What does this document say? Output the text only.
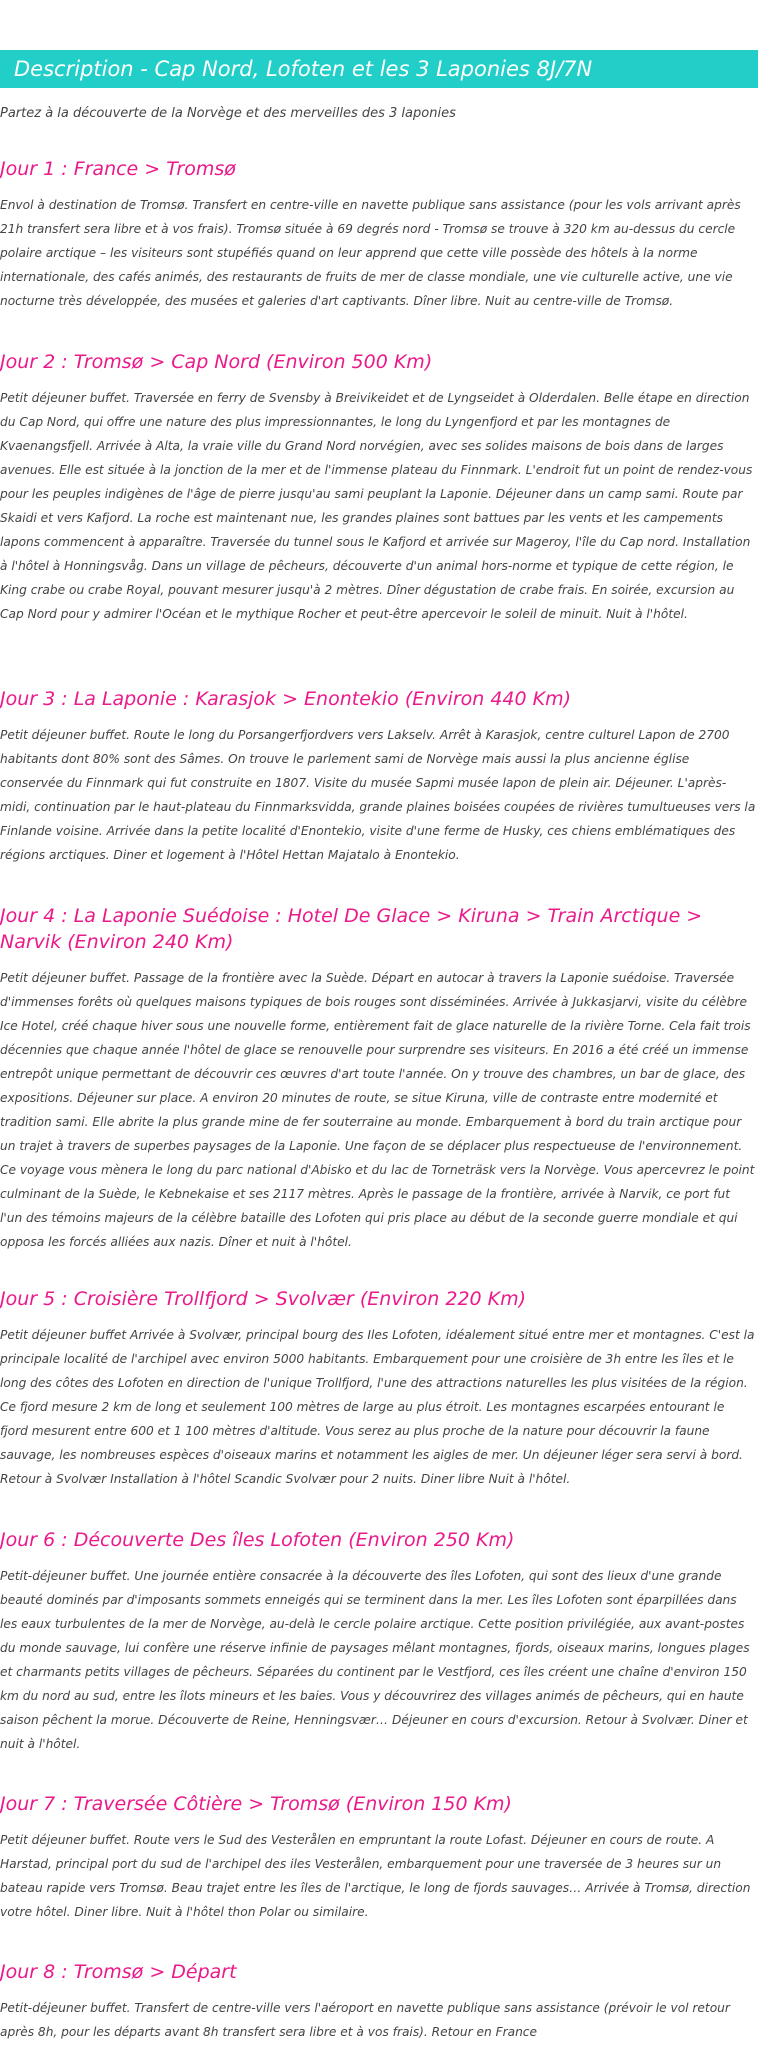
Description - Cap Nord, Lofoten et les 3 Laponies 8J/7N

Partez à la découverte de la Norvège et des merveilles des 3 laponies

Jour 1 : France > Tromsø

Envol à destination de Tromsø. Transfert en centre-ville en navette publique sans assistance (pour les vols arrivant après 21h transfert sera libre et à vos frais). Tromsø située à 69 degrés nord - Tromsø se trouve à 320 km au-dessus du cercle polaire arctique – les visiteurs sont stupéfiés quand on leur apprend que cette ville possède des hôtels à la norme internationale, des cafés animés, des restaurants de fruits de mer de classe mondiale, une vie culturelle active, une vie nocturne très développée, des musées et galeries d'art captivants. Dîner libre. Nuit au centre-ville de Tromsø.

Jour 2 : Tromsø > Cap Nord (Environ 500 Km)

Petit déjeuner buffet. Traversée en ferry de Svensby à Breivikeidet et de Lyngseidet à Olderdalen. Belle étape en direction du Cap Nord, qui offre une nature des plus impressionnantes, le long du Lyngenfjord et par les montagnes de Kvaenangsfjell. Arrivée à Alta, la vraie ville du Grand Nord norvégien, avec ses solides maisons de bois dans de larges avenues. Elle est située à la jonction de la mer et de l'immense plateau du Finnmark. L'endroit fut un point de rendez-vous pour les peuples indigènes de l'âge de pierre jusqu'au sami peuplant la Laponie. Déjeuner dans un camp sami. Route par Skaidi et vers Kafjord. La roche est maintenant nue, les grandes plaines sont battues par les vents et les campements lapons commencent à apparaître. Traversée du tunnel sous le Kafjord et arrivée sur Mageroy, l'île du Cap nord. Installation à l'hôtel à Honningsvåg. Dans un village de pêcheurs, découverte d'un animal hors-norme et typique de cette région, le King crabe ou crabe Royal, pouvant mesurer jusqu'à 2 mètres. Dîner dégustation de crabe frais. En soirée, excursion au Cap Nord pour y admirer l'Océan et le mythique Rocher et peut-être apercevoir le soleil de minuit. Nuit à l'hôtel.

Jour 3 : La Laponie : Karasjok > Enontekio (Environ 440 Km)

Petit déjeuner buffet. Route le long du Porsangerfjordvers vers Lakselv. Arrêt à Karasjok, centre culturel Lapon de 2700 habitants dont 80% sont des Sâmes. On trouve le parlement sami de Norvège mais aussi la plus ancienne église conservée du Finnmark qui fut construite en 1807. Visite du musée Sapmi musée lapon de plein air. Déjeuner. L'après-midi, continuation par le haut-plateau du Finnmarksvidda, grande plaines boisées coupées de rivières tumultueuses vers la Finlande voisine. Arrivée dans la petite localité d'Enontekio, visite d'une ferme de Husky, ces chiens emblématiques des régions arctiques. Diner et logement à l'Hôtel Hettan Majatalo à Enontekio.

Jour 4 : La Laponie Suédoise : Hotel De Glace > Kiruna > Train Arctique > Narvik (Environ 240 Km)

Petit déjeuner buffet. Passage de la frontière avec la Suède. Départ en autocar à travers la Laponie suédoise. Traversée d'immenses forêts où quelques maisons typiques de bois rouges sont disséminées. Arrivée à Jukkasjarvi, visite du célèbre Ice Hotel, créé chaque hiver sous une nouvelle forme, entièrement fait de glace naturelle de la rivière Torne. Cela fait trois décennies que chaque année l'hôtel de glace se renouvelle pour surprendre ses visiteurs. En 2016 a été créé un immense entrepôt unique permettant de découvrir ces œuvres d'art toute l'année. On y trouve des chambres, un bar de glace, des expositions. Déjeuner sur place. A environ 20 minutes de route, se situe Kiruna, ville de contraste entre modernité et tradition sami. Elle abrite la plus grande mine de fer souterraine au monde. Embarquement à bord du train arctique pour un trajet à travers de superbes paysages de la Laponie. Une façon de se déplacer plus respectueuse de l'environnement. Ce voyage vous mènera le long du parc national d'Abisko et du lac de Torneträsk vers la Norvège. Vous apercevrez le point culminant de la Suède, le Kebnekaise et ses 2117 mètres. Après le passage de la frontière, arrivée à Narvik, ce port fut l'un des témoins majeurs de la célèbre bataille des Lofoten qui pris place au début de la seconde guerre mondiale et qui opposa les forcés alliées aux nazis. Dîner et nuit à l'hôtel.

Jour 5 : Croisière Trollfjord > Svolvær (Environ 220 Km)

Petit déjeuner buffet Arrivée à Svolvær, principal bourg des Iles Lofoten, idéalement situé entre mer et montagnes. C'est la principale localité de l'archipel avec environ 5000 habitants. Embarquement pour une croisière de 3h entre les îles et le long des côtes des Lofoten en direction de l'unique Trollfjord, l'une des attractions naturelles les plus visitées de la région. Ce fjord mesure 2 km de long et seulement 100 mètres de large au plus étroit. Les montagnes escarpées entourant le fjord mesurent entre 600 et 1 100 mètres d'altitude. Vous serez au plus proche de la nature pour découvrir la faune sauvage, les nombreuses espèces d'oiseaux marins et notamment les aigles de mer. Un déjeuner léger sera servi à bord. Retour à Svolvær Installation à l'hôtel Scandic Svolvær pour 2 nuits. Diner libre Nuit à l'hôtel.

Jour 6 : Découverte Des îles Lofoten (Environ 250 Km)

Petit-déjeuner buffet. Une journée entière consacrée à la découverte des îles Lofoten, qui sont des lieux d'une grande beauté dominés par d'imposants sommets enneigés qui se terminent dans la mer. Les îles Lofoten sont éparpillées dans les eaux turbulentes de la mer de Norvège, au-delà le cercle polaire arctique. Cette position privilégiée, aux avant-postes du monde sauvage, lui confère une réserve infinie de paysages mêlant montagnes, fjords, oiseaux marins, longues plages et charmants petits villages de pêcheurs. Séparées du continent par le Vestfjord, ces îles créent une chaîne d'environ 150 km du nord au sud, entre les îlots mineurs et les baies. Vous y découvrirez des villages animés de pêcheurs, qui en haute saison pêchent la morue. Découverte de Reine, Henningsvær… Déjeuner en cours d'excursion. Retour à Svolvær. Diner et nuit à l'hôtel.

Jour 7 : Traversée Côtière > Tromsø (Environ 150 Km)

Petit déjeuner buffet. Route vers le Sud des Vesterålen en empruntant la route Lofast. Déjeuner en cours de route. A Harstad, principal port du sud de l'archipel des iles Vesterålen, embarquement pour une traversée de 3 heures sur un bateau rapide vers Tromsø. Beau trajet entre les îles de l'arctique, le long de fjords sauvages… Arrivée à Tromsø, direction votre hôtel. Diner libre. Nuit à l'hôtel thon Polar ou similaire.

Jour 8 : Tromsø > Départ

Petit-déjeuner buffet. Transfert de centre-ville vers l'aéroport en navette publique sans assistance (prévoir le vol retour après 8h, pour les départs avant 8h transfert sera libre et à vos frais). Retour en France
